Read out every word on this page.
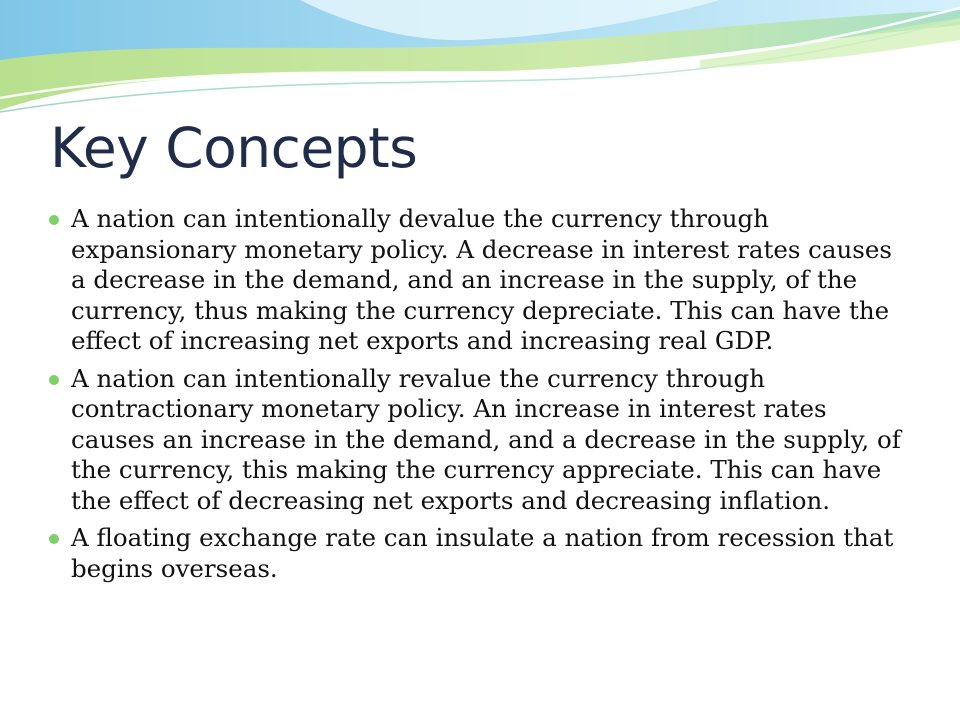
Key Concepts
A nation can intentionally devalue the currency through expansionary monetary policy. A decrease in interest rates causes a decrease in the demand, and an increase in the supply, of the currency, thus making the currency depreciate. This can have the effect of increasing net exports and increasing real GDP.
A nation can intentionally revalue the currency through contractionary monetary policy. An increase in interest rates causes an increase in the demand, and a decrease in the supply, of the currency, this making the currency appreciate. This can have the effect of decreasing net exports and decreasing inflation.
A floating exchange rate can insulate a nation from recession that begins overseas.
